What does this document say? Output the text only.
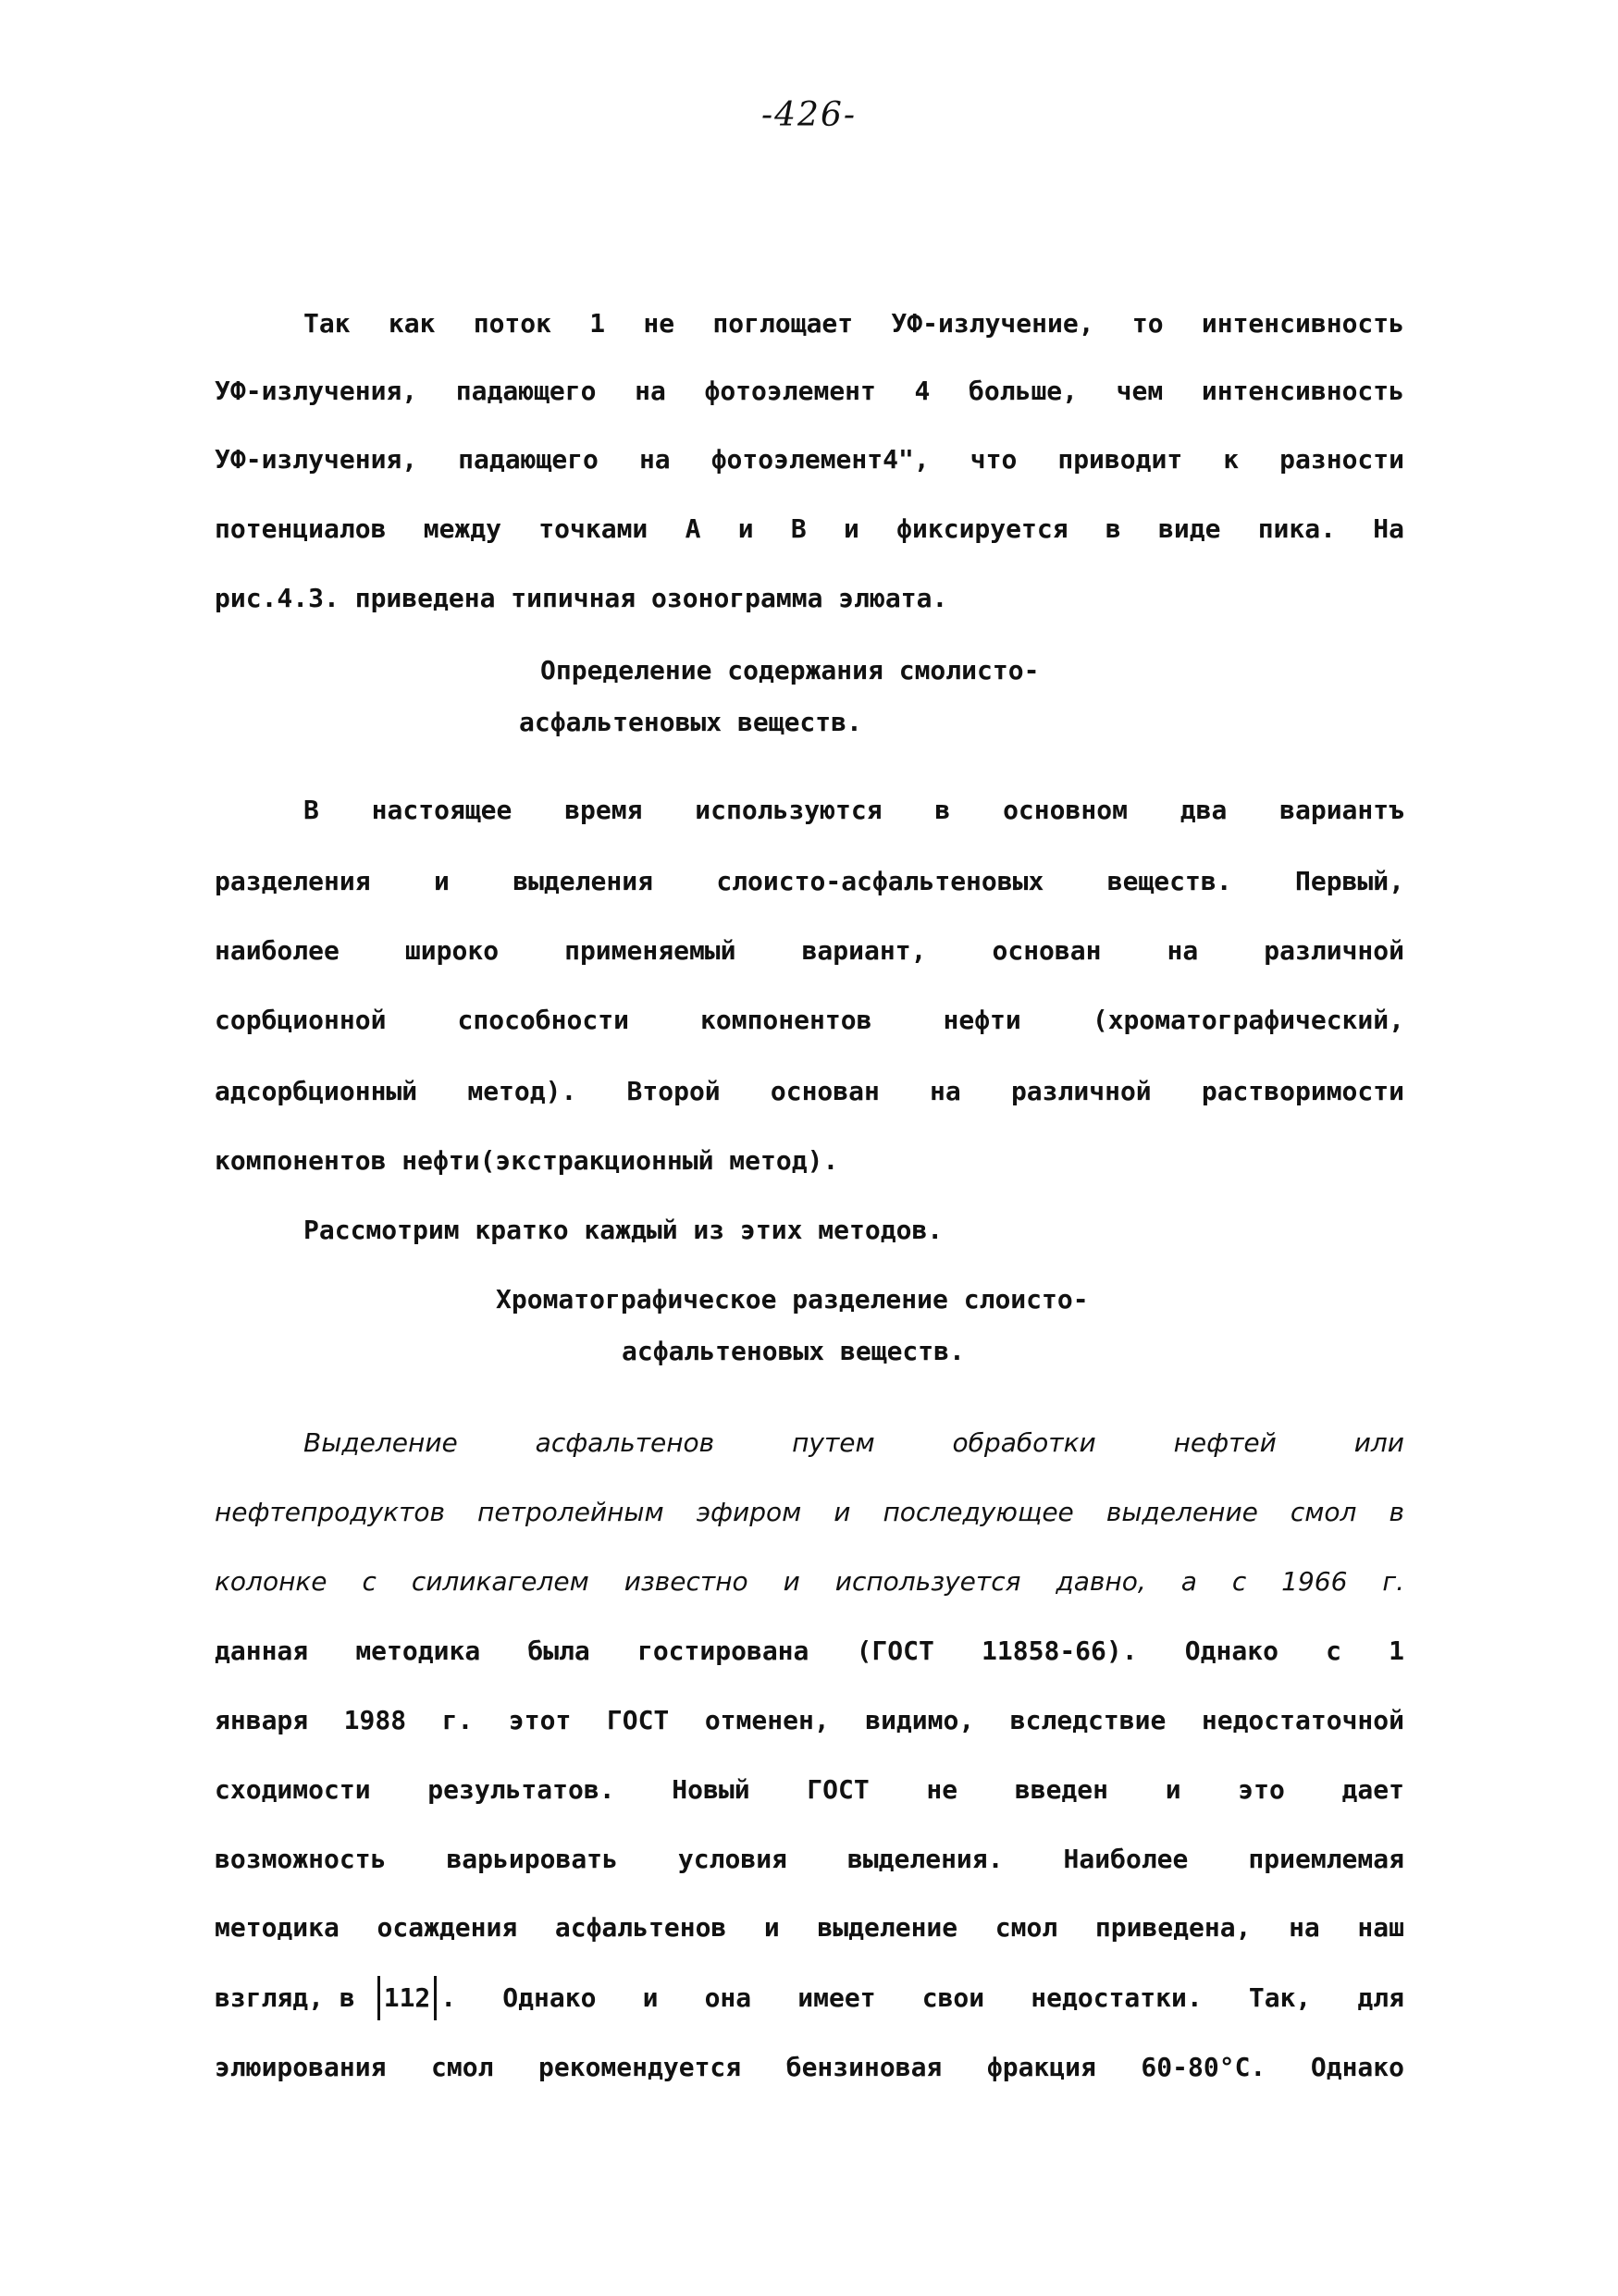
-426-
Так как поток 1 не поглощает УФ-излучение, то интенсивность
УФ-излучения, падающего на фотоэлемент 4 больше, чем интенсивность
УФ-излучения, падающего на фотоэлемент4", что приводит к разности
потенциалов между точками А и В и фиксируется в виде пика. На
рис.4.3. приведена типичная озонограмма элюата.
Определение содержания смолисто-
асфальтеновых веществ.
В настоящее время используются в основном два вариантъ
разделения и выделения слоисто-асфальтеновых веществ. Первый,
наиболее широко применяемый вариант, основан на различной
сорбционной способности компонентов нефти (хроматографический,
адсорбционный метод). Второй основан на различной растворимости
компонентов нефти(экстракционный метод).
Рассмотрим кратко каждый из этих методов.
Хроматографическое разделение слоисто-
асфальтеновых веществ.
Выделение асфальтенов путем обработки нефтей или
нефтепродуктов петролейным эфиром и последующее выделение смол в
колонке с силикагелем известно и используется давно, а с 1966 г.
данная методика была гостирована (ГОСТ 11858-66). Однако с 1
января 1988 г. этот ГОСТ отменен, видимо, вследствие недостаточной
сходимости результатов. Новый ГОСТ не введен и это дает
возможность варьировать условия выделения. Наиболее приемлемая
методика осаждения асфальтенов и выделение смол приведена, на наш
взгляд, в 112 . Однако и она имеет свои недостатки. Так, для
элюирования смол рекомендуется бензиновая фракция 60-80°С. Однако
